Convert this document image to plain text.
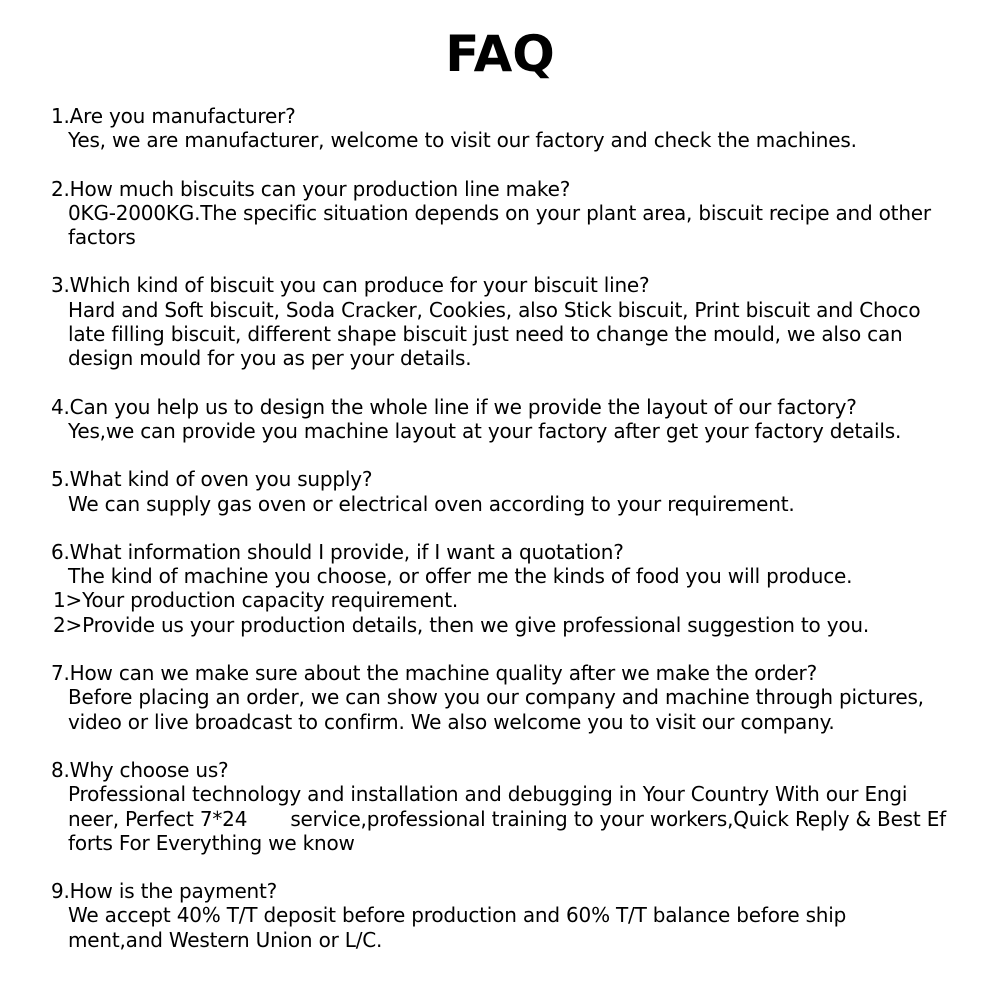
FAQ
1.Are you manufacturer?
Yes, we are manufacturer, welcome to visit our factory and check the machines.
2.How much biscuits can your production line make?
0KG-2000KG.The specific situation depends on your plant area, biscuit recipe and other
factors
3.Which kind of biscuit you can produce for your biscuit line?
Hard and Soft biscuit, Soda Cracker, Cookies, also Stick biscuit, Print biscuit and Choco
late filling biscuit, different shape biscuit just need to change the mould, we also can
design mould for you as per your details.
4.Can you help us to design the whole line if we provide the layout of our factory?
Yes,we can provide you machine layout at your factory after get your factory details.
5.What kind of oven you supply?
We can supply gas oven or electrical oven according to your requirement.
6.What information should I provide, if I want a quotation?
The kind of machine you choose, or offer me the kinds of food you will produce.
1>Your production capacity requirement.
2>Provide us your production details, then we give professional suggestion to you.
7.How can we make sure about the machine quality after we make the order?
Before placing an order, we can show you our company and machine through pictures,
video or live broadcast to confirm. We also welcome you to visit our company.
8.Why choose us?
Professional technology and installation and debugging in Your Country With our Engi
neer, Perfect 7*24       service,professional training to your workers,Quick Reply & Best Ef
forts For Everything we know
9.How is the payment?
We accept 40% T/T deposit before production and 60% T/T balance before ship
ment,and Western Union or L/C.
